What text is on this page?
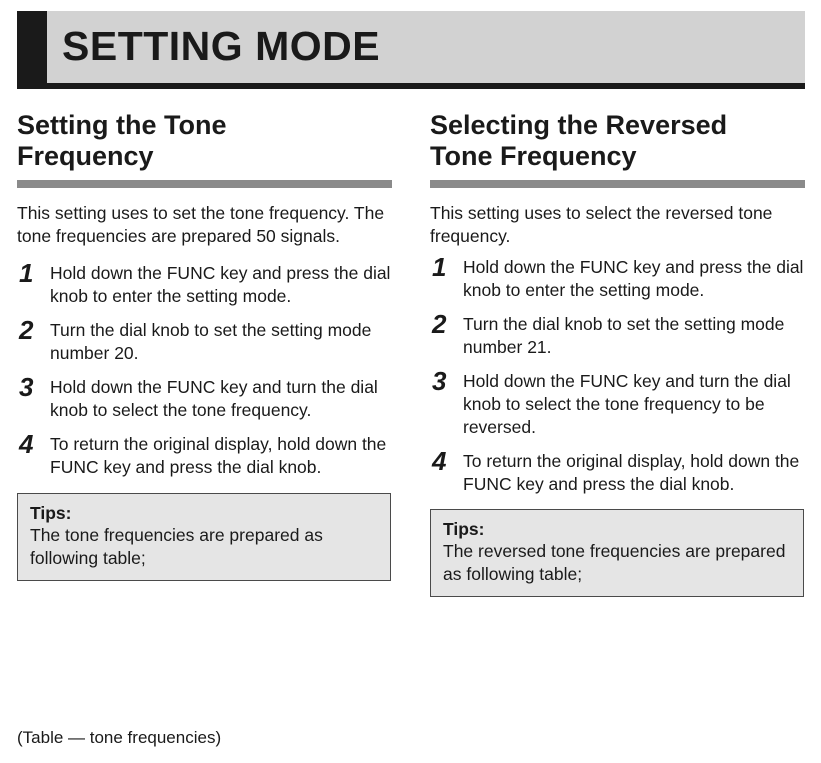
SETTING MODE
Setting the Tone
Frequency

This setting uses to set the tone frequency. The tone frequencies are prepared 50 signals.

1 Hold down the FUNC key and press the dial knob to enter the setting mode.
2 Turn the dial knob to set the setting mode number 20.
3 Hold down the FUNC key and turn the dial knob to select the tone frequency.
4 To return the original display, hold down the FUNC key and press the dial knob.
Tips:
The tone frequencies are prepared as following table;
(Table — tone frequencies)
Selecting the Reversed
Tone Frequency

This setting uses to select the reversed tone frequency.

1 Hold down the FUNC key and press the dial knob to enter the setting mode.
2 Turn the dial knob to set the setting mode number 21.
3 Hold down the FUNC key and turn the dial knob to select the tone frequency to be reversed.
4 To return the original display, hold down the FUNC key and press the dial knob.
Tips:
The reversed tone frequencies are prepared as following table;
